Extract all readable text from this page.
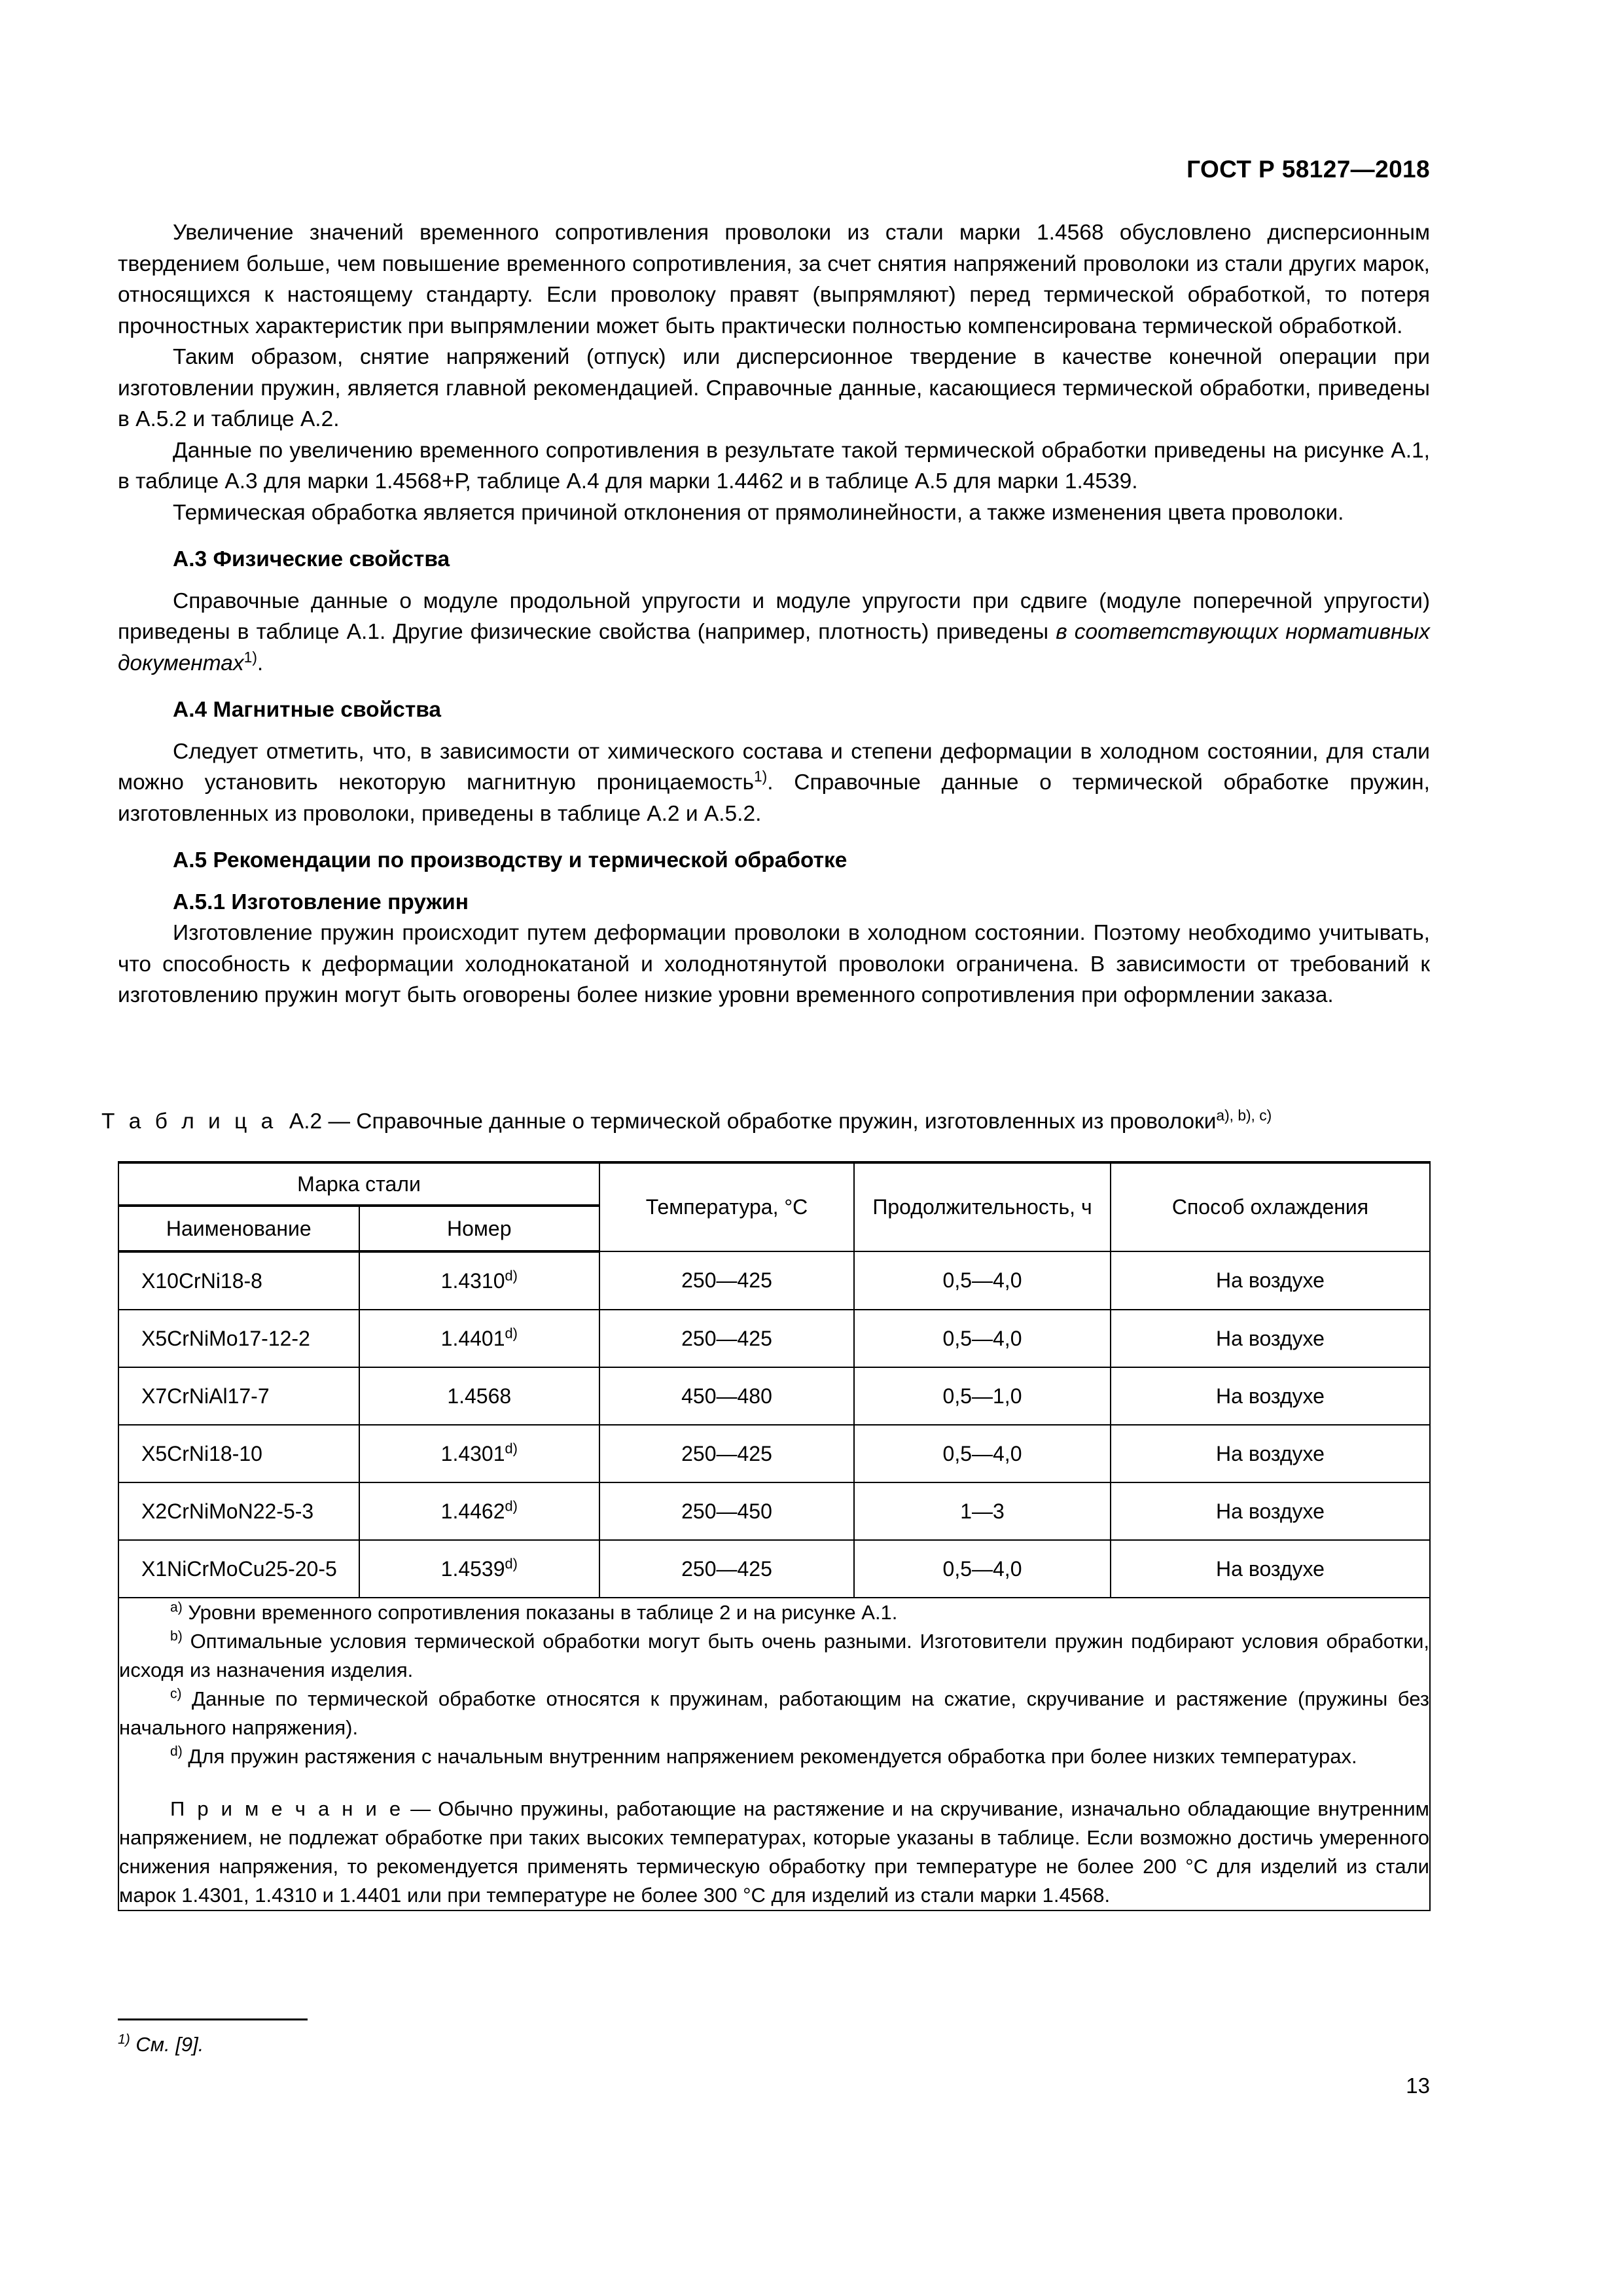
ГОСТ Р 58127—2018

Увеличение значений временного сопротивления проволоки из стали марки 1.4568 обусловлено дисперсионным твердением больше, чем повышение временного сопротивления, за счет снятия напряжений проволоки из стали других марок, относящихся к настоящему стандарту. Если проволоку правят (выпрямляют) перед термической обработкой, то потеря прочностных характеристик при выпрямлении может быть практически полностью компенсирована термической обработкой.

Таким образом, снятие напряжений (отпуск) или дисперсионное твердение в качестве конечной операции при изготовлении пружин, является главной рекомендацией. Справочные данные, касающиеся термической обработки, приведены в А.5.2 и таблице А.2.

Данные по увеличению временного сопротивления в результате такой термической обработки приведены на рисунке А.1, в таблице А.3 для марки 1.4568+Р, таблице А.4 для марки 1.4462 и в таблице А.5 для марки 1.4539.

Термическая обработка является причиной отклонения от прямолинейности, а также изменения цвета проволоки.

А.3 Физические свойства

Справочные данные о модуле продольной упругости и модуле упругости при сдвиге (модуле поперечной упругости) приведены в таблице А.1. Другие физические свойства (например, плотность) приведены в соответствующих нормативных документах$^{1)}$.

А.4 Магнитные свойства

Следует отметить, что, в зависимости от химического состава и степени деформации в холодном состоянии, для стали можно установить некоторую магнитную проницаемость$^{1)}$. Справочные данные о термической обработке пружин, изготовленных из проволоки, приведены в таблице А.2 и А.5.2.

А.5 Рекомендации по производству и термической обработке
А.5.1 Изготовление пружин

Изготовление пружин происходит путем деформации проволоки в холодном состоянии. Поэтому необходимо учитывать, что способность к деформации холоднокатаной и холоднотянутой проволоки ограничена. В зависимости от требований к изготовлению пружин могут быть оговорены более низкие уровни временного сопротивления при оформлении заказа.

Т а б л и ц а А.2 — Справочные данные о термической обработке пружин, изготовленных из проволоки$^{a), b), c)}$
Марка стали		Температура, °С	Продолжительность, ч	Способ охлаждения
Наименование	Номер			
X10CrNi18-8	1.4310$^{d)}$	250—425	0,5—4,0	На воздухе
X5CrNiMo17-12-2	1.4401$^{d)}$	250—425	0,5—4,0	На воздухе
X7CrNiAl17-7	1.4568	450—480	0,5—1,0	На воздухе
X5CrNi18-10	1.4301$^{d)}$	250—425	0,5—4,0	На воздухе
X2CrNiMoN22-5-3	1.4462$^{d)}$	250—450	1—3	На воздухе
X1NiCrMoCu25-20-5	1.4539$^{d)}$	250—425	0,5—4,0	На воздухе

$^{a)}$ Уровни временного сопротивления показаны в таблице 2 и на рисунке А.1.

$^{b)}$ Оптимальные условия термической обработки могут быть очень разными. Изготовители пружин подбирают условия обработки, исходя из назначения изделия.

$^{c)}$ Данные по термической обработке относятся к пружинам, работающим на сжатие, скручивание и растяжение (пружины без начального напряжения).

$^{d)}$ Для пружин растяжения с начальным внутренним напряжением рекомендуется обработка при более низких температурах.

П р и м е ч а н и е — Обычно пружины, работающие на растяжение и на скручивание, изначально обладающие внутренним напряжением, не подлежат обработке при таких высоких температурах, которые указаны в таблице. Если возможно достичь умеренного снижения напряжения, то рекомендуется применять термическую обработку при температуре не более 200 °С для изделий из стали марок 1.4301, 1.4310 и 1.4401 или при температуре не более 300 °С для изделий из стали марки 1.4568.				

$^{1)}$ См. [9].
13
